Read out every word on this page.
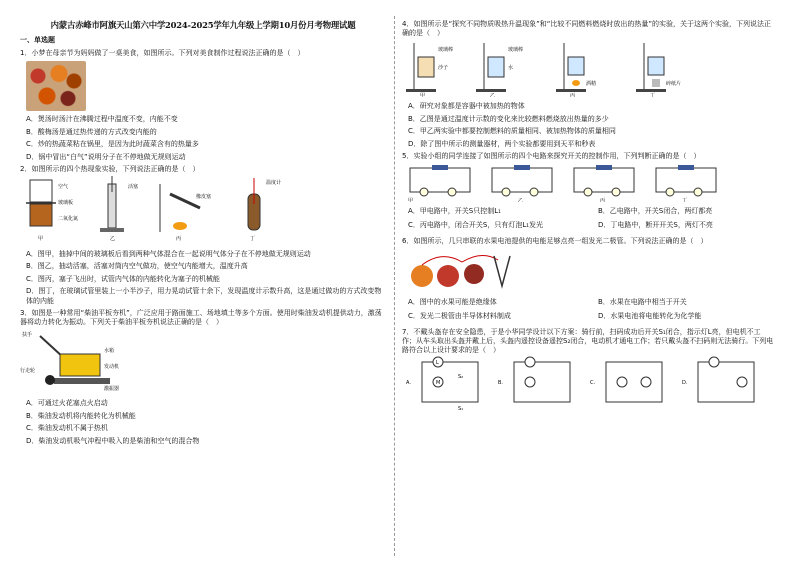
内蒙古赤峰市阿旗天山第六中学2024-2025学年九年级上学期10月份月考物理试题
一、单选题
1．小梦在母亲节为妈妈做了一桌美食，如图所示。下列对美食制作过程说法正确的是（　）
A．煲汤时汤汁在沸腾过程中温度不变，内能不变
B．酸梅汤是通过热传递的方式改变内能的
C．炒的热蔬菜粘在锅里，是因为此时蔬菜含有的热量多
D．锅中冒出“白气”说明分子在不停地做无规则运动
2．如图所示的四个热现象实验，下列说法正确的是（　）
空气
玻璃板
二氧化氮
甲
活塞
乙
橡皮塞
丙
温度计
丁
A．图甲，抽掉中间的玻璃板后看到两种气体混合在一起说明气体分子在不停地做无规则运动
B．图乙，抽动活塞，活塞对筒内空气做功，使空气内能增大，温度升高
C．图丙，塞子飞出时，试管内气体的内能转化为塞子的机械能
D．图丁，在玻璃试管里装上一小半沙子，用力晃动试管十余下，发现温度计示数升高，这是通过做功的方式改变物体的内能
3．如图是一种常用“柴油平板夯机”，广泛应用于路面施工、场地填土等多个方面。使用时柴油发动机提供动力，激荡器将动力转化为振动。下列关于柴油平板夯机说法正确的是（　）
扶手
行走轮
激振器
水箱
发动机
A．可通过火花塞点火启动
B．柴油发动机将内能转化为机械能
C．柴油发动机不属于热机
D．柴油发动机吸气冲程中吸入的是柴油和空气的混合物
4．如图所示是“探究不同物质吸热升温现象”和“比较不同燃料燃烧时放出的热量”的实验，关于这两个实验，下列说法正确的是（　）
玻璃棒
沙子
甲
玻璃棒
水
乙
酒精
丙
碎纸片
丁
A．研究对象都是容器中被加热的物体
B．乙图是通过温度计示数的变化来比较燃料燃烧放出热量的多少
C．甲乙两实验中都要控制燃料的质量相同、被加热物体的质量相同
D．除了图中所示的测量器材，两个实验都要用到天平和秒表
5．实验小组的同学连接了如图所示的四个电路来探究开关的控制作用，下列判断正确的是（　）
甲	乙	丙	丁
A．甲电路中，开关S只控制L₁	B．乙电路中，开关S闭合，两灯都亮
C．丙电路中，闭合开关S，只有灯泡L₁发光	D．丁电路中，断开开关S，两灯不亮
6．如图所示，几只串联的水果电池提供的电能足够点亮一组发光二极管。下列说法正确的是（　）
A．图中的水果可能是绝缘体	B．水果在电路中相当于开关
C．发光二极管由半导体材料制成	D．水果电池将电能转化为化学能
7．不戴头盔存在安全隐患，于是小华同学设计以下方案：骑行前，扫码成功后开关S₁闭合，指示灯L亮，但电机不工作；从车头取出头盔并戴上后，头盔内遥控设备遥控S₂闭合，电动机才通电工作；若只戴头盔不扫码则无法骑行。下列电路符合以上设计要求的是（　）
A.	B.	C.	D.
L
M
S₁
S₂
